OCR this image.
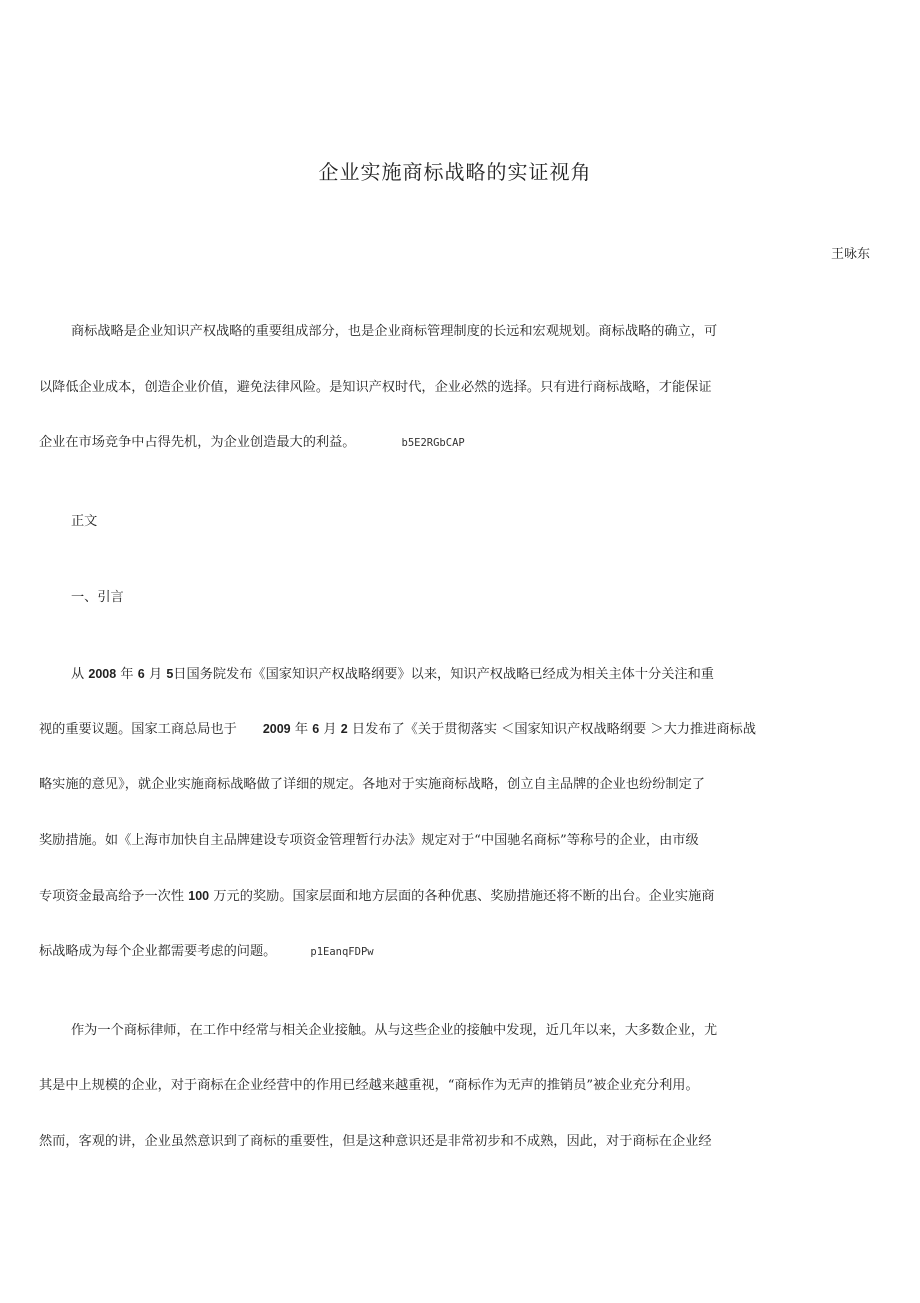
企业实施商标战略的实证视角
王咏东
商标战略是企业知识产权战略的重要组成部分，也是企业商标管理制度的长远和宏观规划。商标战略的确立，可
以降低企业成本，创造企业价值，避免法律风险。是知识产权时代，企业必然的选择。只有进行商标战略，才能保证
企业在市场竞争中占得先机，为企业创造最大的利益。	b5E2RGbCAP
正文
一、引言
从 2008 年 6 月 5日国务院发布《国家知识产权战略纲要》以来，知识产权战略已经成为相关主体十分关注和重
视的重要议题。国家工商总局也于 2009 年 6 月 2 日发布了《关于贯彻落实 ＜国家知识产权战略纲要 ＞大力推进商标战
略实施的意见》，就企业实施商标战略做了详细的规定。各地对于实施商标战略，创立自主品牌的企业也纷纷制定了
奖励措施。如《上海市加快自主品牌建设专项资金管理暂行办法》规定对于“中国驰名商标”等称号的企业，由市级
专项资金最高给予一次性 100 万元的奖励。国家层面和地方层面的各种优惠、奖励措施还将不断的出台。企业实施商
标战略成为每个企业都需要考虑的问题。	p1EanqFDPw
作为一个商标律师，在工作中经常与相关企业接触。从与这些企业的接触中发现，近几年以来，大多数企业，尤
其是中上规模的企业，对于商标在企业经营中的作用已经越来越重视，“商标作为无声的推销员”被企业充分利用。
然而，客观的讲，企业虽然意识到了商标的重要性，但是这种意识还是非常初步和不成熟，因此，对于商标在企业经
